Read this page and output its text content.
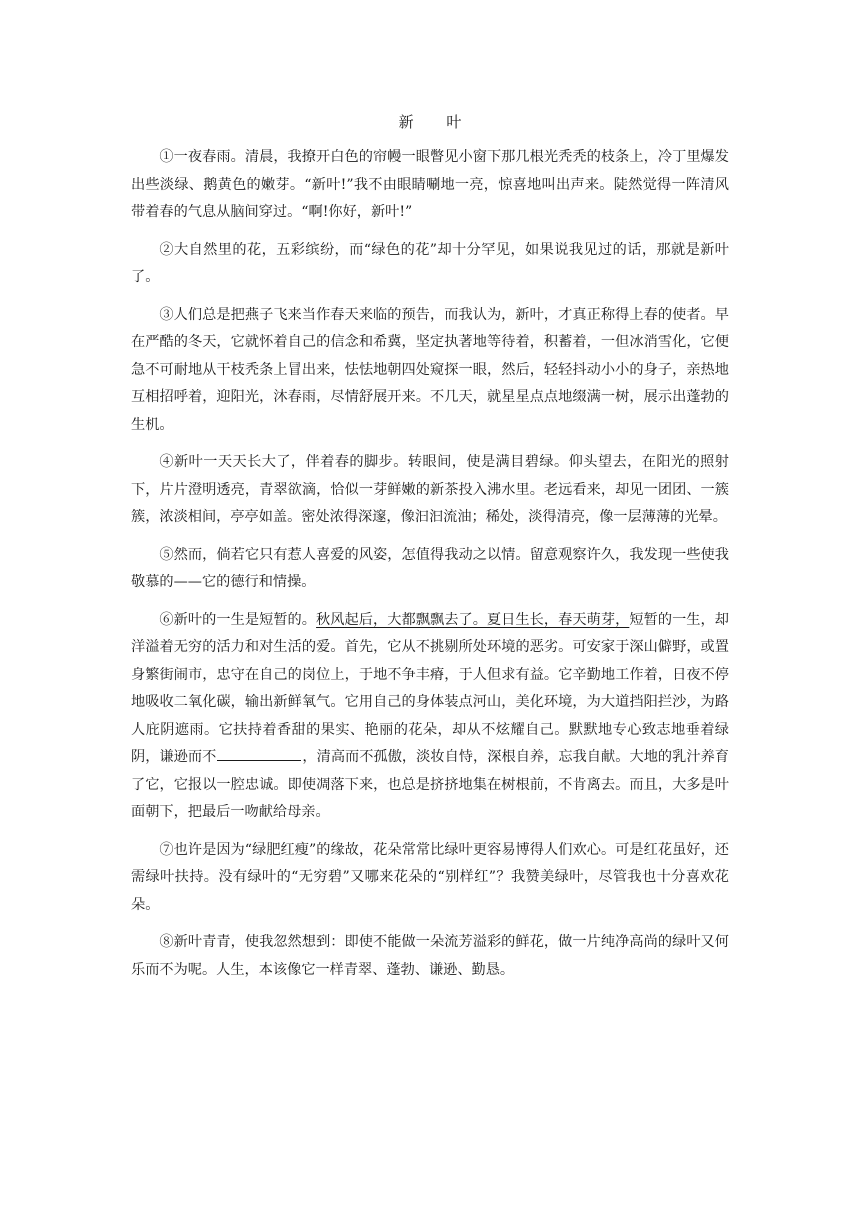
新 叶

①一夜春雨。清晨，我撩开白色的帘幔一眼瞥见小窗下那几根光秃秃的枝条上，冷丁里爆发出些淡绿、鹅黄色的嫩芽。“新叶!”我不由眼睛唰地一亮，惊喜地叫出声来。陡然觉得一阵清风带着春的气息从脑间穿过。“啊!你好，新叶!”

②大自然里的花，五彩缤纷，而“绿色的花”却十分罕见，如果说我见过的话，那就是新叶了。

③人们总是把燕子飞来当作春天来临的预告，而我认为，新叶，才真正称得上春的使者。早在严酷的冬天，它就怀着自己的信念和希冀，坚定执著地等待着，积蓄着，一但冰消雪化，它便急不可耐地从干枝秃条上冒出来，怯怯地朝四处窥探一眼，然后，轻轻抖动小小的身子，亲热地互相招呼着，迎阳光，沐春雨，尽情舒展开来。不几天，就星星点点地缀满一树，展示出蓬勃的生机。

④新叶一天天长大了，伴着春的脚步。转眼间，使是满目碧绿。仰头望去，在阳光的照射下，片片澄明透亮，青翠欲滴，恰似一芽鲜嫩的新茶投入沸水里。老远看来，却见一团团、一簇簇，浓淡相间，亭亭如盖。密处浓得深邃，像汩汩流油；稀处，淡得清亮，像一层薄薄的光晕。

⑤然而，倘若它只有惹人喜爱的风姿，怎值得我动之以情。留意观察许久，我发现一些使我敬慕的——它的德行和情操。

⑥新叶的一生是短暂的。秋风起后，大都飘飘去了。夏日生长，春天萌芽，短暂的一生，却洋溢着无穷的活力和对生活的爱。首先，它从不挑剔所处环境的恶劣。可安家于深山僻野，或置身繁街闹市，忠守在自己的岗位上，于地不争丰瘠，于人但求有益。它辛勤地工作着，日夜不停地吸收二氧化碳，输出新鲜氧气。它用自己的身体装点河山，美化环境，为大道挡阳拦沙，为路人庇阴遮雨。它扶持着香甜的果实、艳丽的花朵，却从不炫耀自己。默默地专心致志地垂着绿阴，谦逊而不	，清高而不孤傲，淡妆自恃，深根自养，忘我自献。大地的乳汁养育了它，它报以一腔忠诚。即使凋落下来，也总是挤挤地集在树根前，不肯离去。而且，大多是叶面朝下，把最后一吻献给母亲。

⑦也许是因为“绿肥红瘦”的缘故，花朵常常比绿叶更容易博得人们欢心。可是红花虽好，还需绿叶扶持。没有绿叶的“无穷碧”又哪来花朵的“别样红”？我赞美绿叶，尽管我也十分喜欢花朵。

⑧新叶青青，使我忽然想到：即使不能做一朵流芳溢彩的鲜花，做一片纯净高尚的绿叶又何乐而不为呢。人生，本该像它一样青翠、蓬勃、谦逊、勤恳。
